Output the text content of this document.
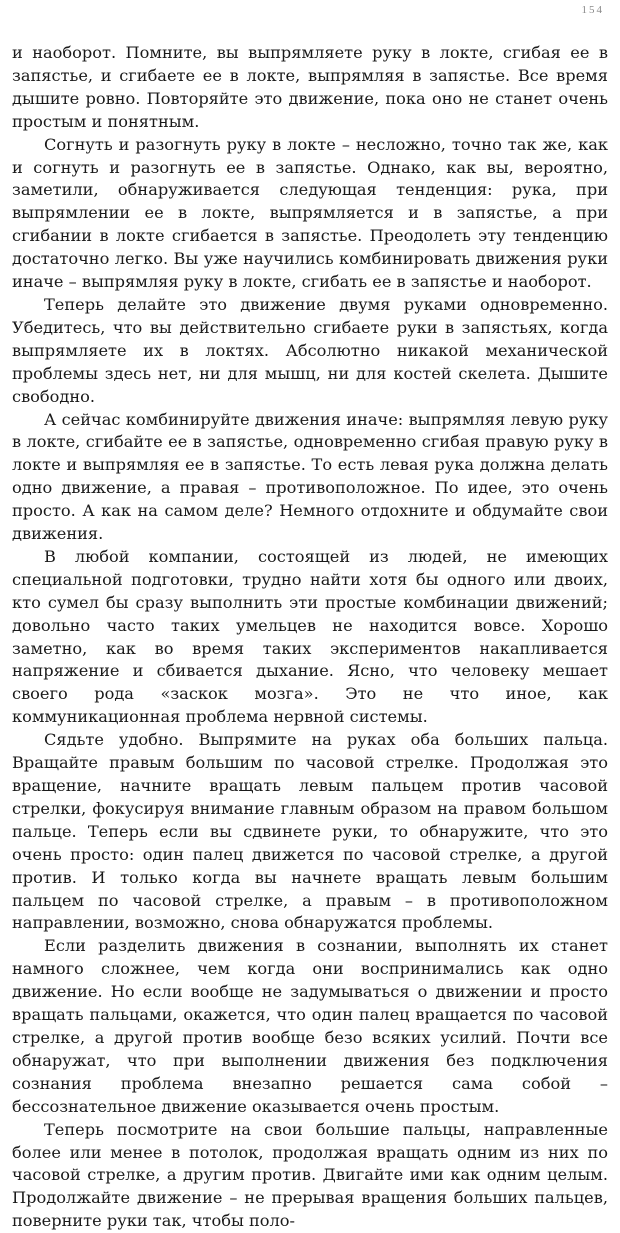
154

и наоборот. Помните, вы выпрямляете руку в локте, сгибая ее в запястье, и сгибаете ее в локте, выпрямляя в запястье. Все время дышите ровно. Повторяйте это движение, пока оно не станет очень простым и понятным.

Согнуть и разогнуть руку в локте – несложно, точно так же, как и согнуть и разогнуть ее в запястье. Однако, как вы, вероятно, заметили, обнаруживается следующая тенденция: рука, при выпрямлении ее в локте, выпрямляется и в запястье, а при сгибании в локте сгибается в запястье. Преодолеть эту тенденцию достаточно легко. Вы уже научились комбинировать движения руки иначе – выпрямляя руку в локте, сгибать ее в запястье и наоборот.

Теперь делайте это движение двумя руками одновременно. Убедитесь, что вы действительно сгибаете руки в запястьях, когда выпрямляете их в локтях. Абсолютно никакой механической проблемы здесь нет, ни для мышц, ни для костей скелета. Дышите свободно.

А сейчас комбинируйте движения иначе: выпрямляя левую руку в локте, сгибайте ее в запястье, одновременно сгибая правую руку в локте и выпрямляя ее в запястье. То есть левая рука должна делать одно движение, а правая – противоположное. По идее, это очень просто. А как на самом деле? Немного отдохните и обдумайте свои движения.

В любой компании, состоящей из людей, не имеющих специальной подготовки, трудно найти хотя бы одного или двоих, кто сумел бы сразу выполнить эти простые комбинации движений; довольно часто таких умельцев не находится вовсе. Хорошо заметно, как во время таких экспериментов накапливается напряжение и сбивается дыхание. Ясно, что человеку мешает своего рода «заскок мозга». Это не что иное, как коммуникационная проблема нервной системы.

Сядьте удобно. Выпрямите на руках оба больших пальца. Вращайте правым большим по часовой стрелке. Продолжая это вращение, начните вращать левым пальцем против часовой стрелки, фокусируя внимание главным образом на правом большом пальце. Теперь если вы сдвинете руки, то обнаружите, что это очень просто: один палец движется по часовой стрелке, а другой против. И только когда вы начнете вращать левым большим пальцем по часовой стрелке, а правым – в противоположном направлении, возможно, снова обнаружатся проблемы.

Если разделить движения в сознании, выполнять их станет намного сложнее, чем когда они воспринимались как одно движение. Но если вообще не задумываться о движении и просто вращать пальцами, окажется, что один палец вращается по часовой стрелке, а другой против вообще безо всяких усилий. Почти все обнаружат, что при выполнении движения без подключения сознания проблема внезапно решается сама собой – бессознательное движение оказывается очень простым.

Теперь посмотрите на свои большие пальцы, направленные более или менее в потолок, продолжая вращать одним из них по часовой стрелке, а другим против. Двигайте ими как одним целым. Продолжайте движение – не прерывая вращения больших пальцев, поверните руки так, чтобы поло-
